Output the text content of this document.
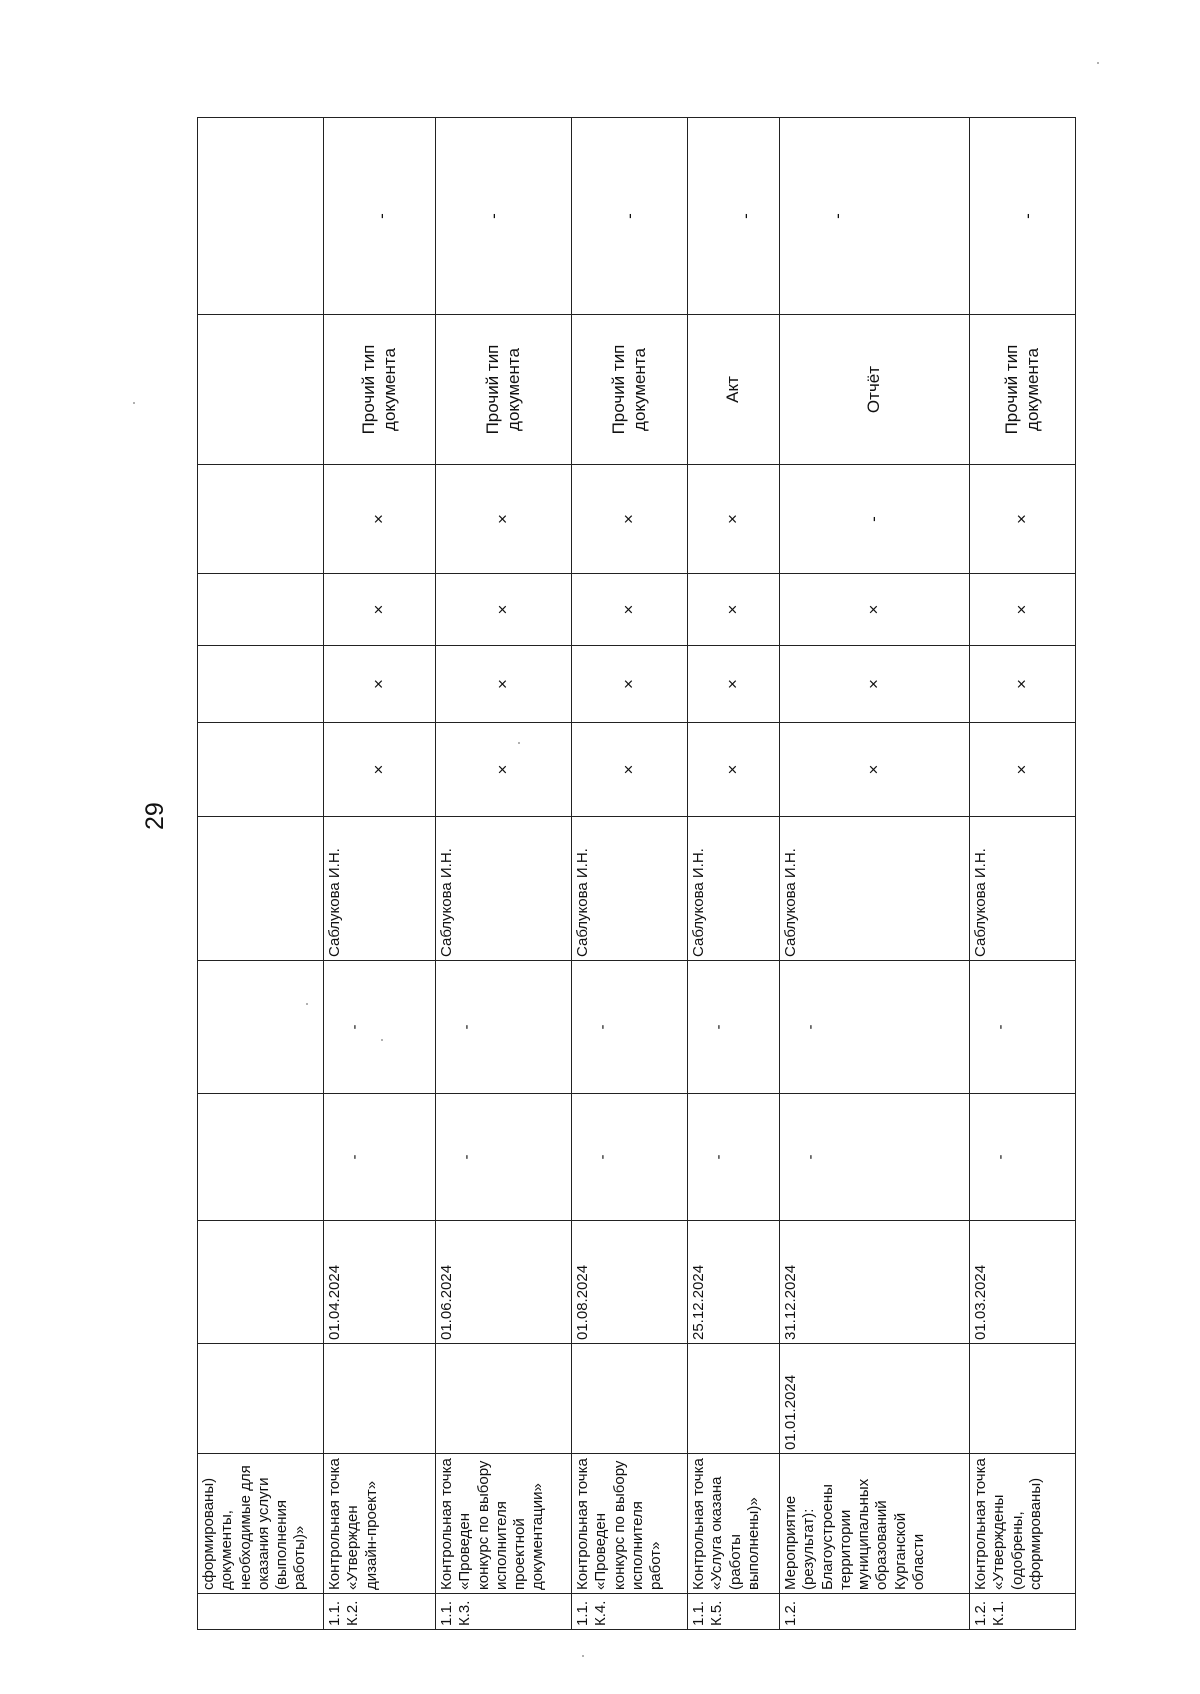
29
	сформированы) документы, необходимые для оказания услуги (выполнения работы)»											
1.1.
К.2.	Контрольная точка «Утвержден дизайн-проект»		01.04.2024	-	-	Саблукова И.Н.	×	×	×	×	Прочий тип документа	-
1.1.
К.3.	Контрольная точка «Проведен конкурс по выбору исполнителя проектной документации»		01.06.2024	-	-	Саблукова И.Н.	×	×	×	×	Прочий тип документа	-
1.1.
К.4.	Контрольная точка «Проведен конкурс по выбору исполнителя работ»		01.08.2024	-	-	Саблукова И.Н.	×	×	×	×	Прочий тип документа	-
1.1.
К.5.	Контрольная точка «Услуга оказана (работы выполнены)»		25.12.2024	-	-	Саблукова И.Н.	×	×	×	×	Акт	-
1.2.	Мероприятие (результат): Благоустроены территории муниципальных образований Курганской области	01.01.2024	31.12.2024	-	-	Саблукова И.Н.	×	×	×	-	Отчёт	-
1.2.
К.1.	Контрольная точка «Утверждены (одобрены, сформированы)		01.03.2024	-	-	Саблукова И.Н.	×	×	×	×	Прочий тип документа	-
